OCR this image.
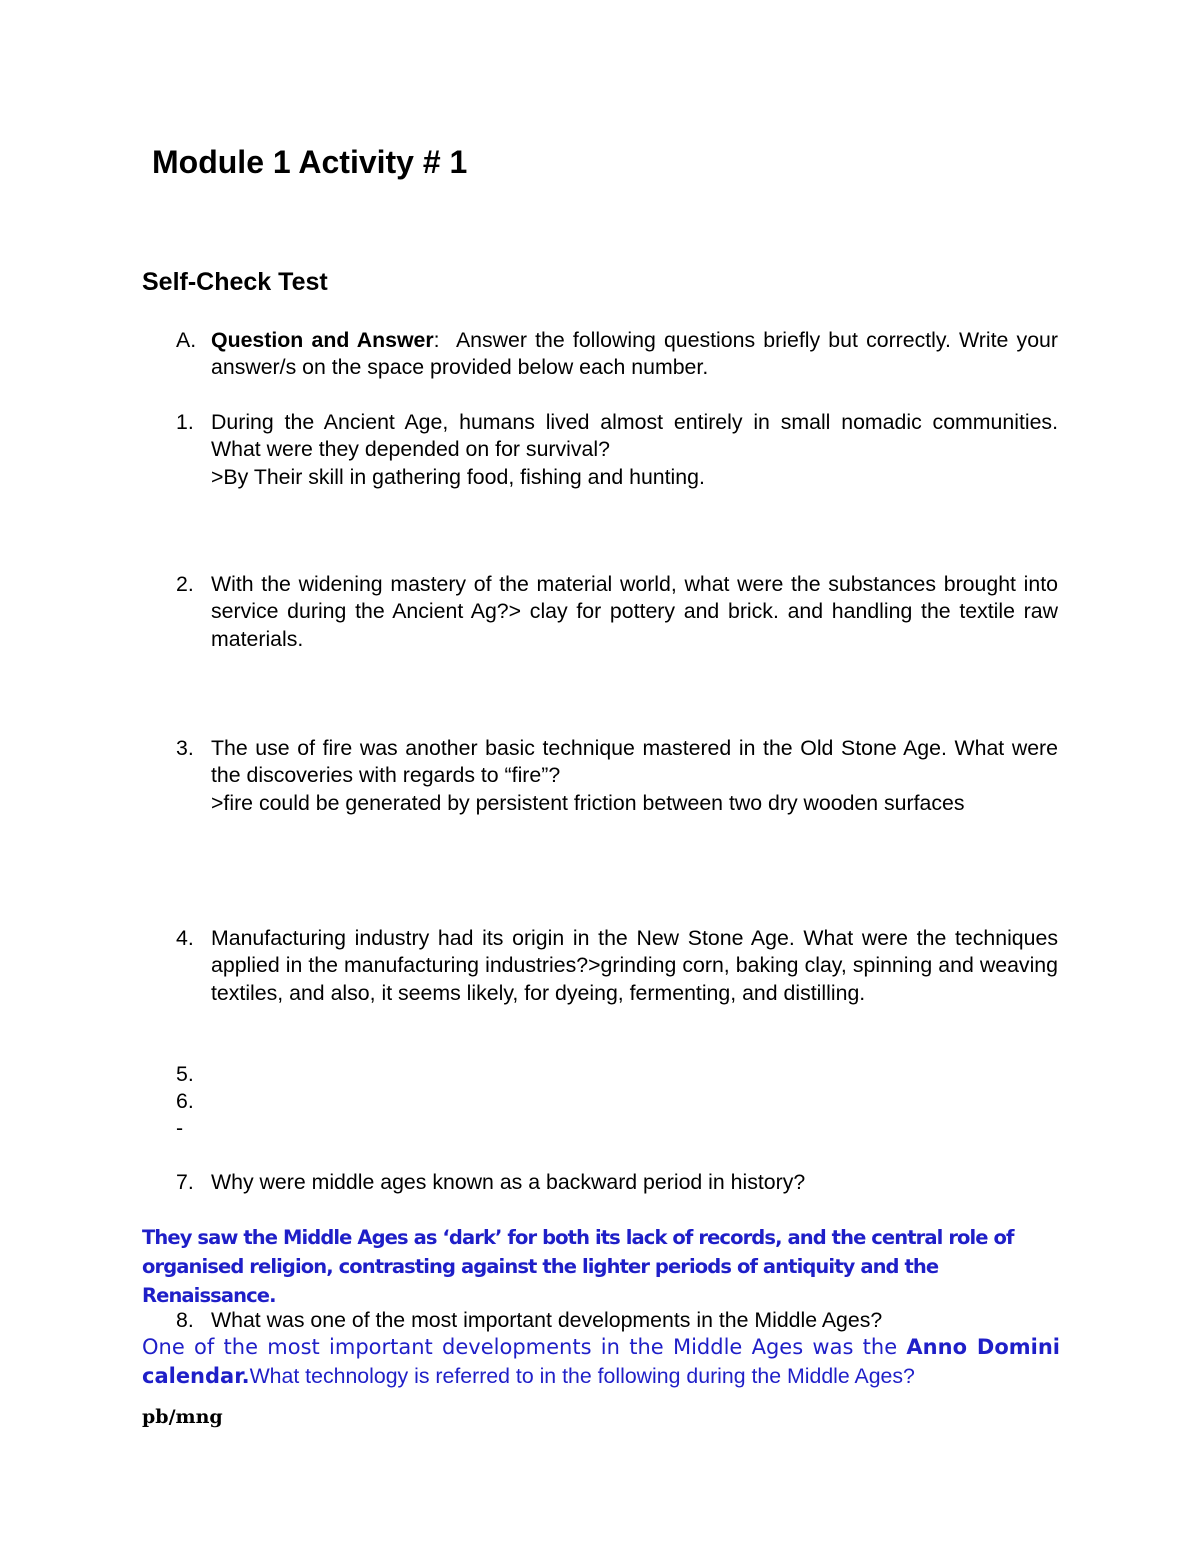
Module 1 Activity # 1
Self-Check Test
A. Question and Answer: Answer the following questions briefly but correctly. Write your answer/s on the space provided below each number.
1. During the Ancient Age, humans lived almost entirely in small nomadic communities. What were they depended on for survival?
>By Their skill in gathering food, fishing and hunting.
2. With the widening mastery of the material world, what were the substances brought into service during the Ancient Ag?> clay for pottery and brick. and handling the textile raw materials.
3. The use of fire was another basic technique mastered in the Old Stone Age. What were the discoveries with regards to “fire”?
>fire could be generated by persistent friction between two dry wooden surfaces
4. Manufacturing industry had its origin in the New Stone Age. What were the techniques applied in the manufacturing industries?>grinding corn, baking clay, spinning and weaving textiles, and also, it seems likely, for dyeing, fermenting, and distilling.
5.
6.
-
7. Why were middle ages known as a backward period in history?
They saw the Middle Ages as ‘dark’ for both its lack of records, and the central role of organised religion, contrasting against the lighter periods of antiquity and the Renaissance.
8. What was one of the most important developments in the Middle Ages?
One of the most important developments in the Middle Ages was the Anno Domini calendar.What technology is referred to in the following during the Middle Ages?
pb/mng
